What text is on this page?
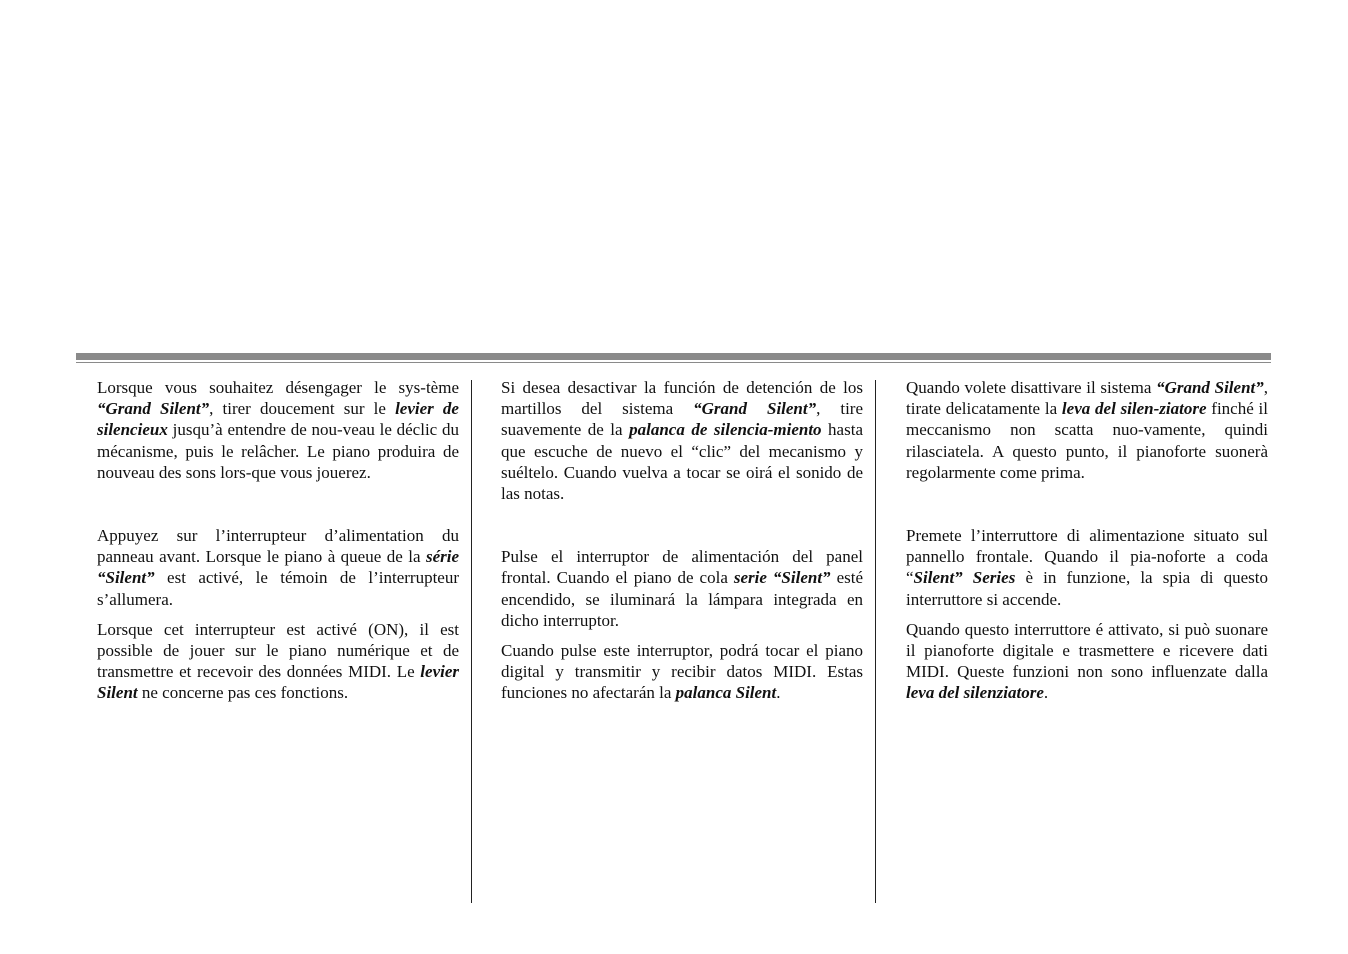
Lorsque vous souhaitez désengager le sys-tème “Grand Silent”, tirer doucement sur le levier de silencieux jusqu’à entendre de nou-veau le déclic du mécanisme, puis le relâcher. Le piano produira de nouveau des sons lors-que vous jouerez.

Appuyez sur l’interrupteur d’alimentation du panneau avant. Lorsque le piano à queue de la série “Silent” est activé, le témoin de l’interrupteur s’allumera.

Lorsque cet interrupteur est activé (ON), il est possible de jouer sur le piano numérique et de transmettre et recevoir des données MIDI. Le levier Silent ne concerne pas ces fonctions.

Si desea desactivar la función de detención de los martillos del sistema “Grand Silent”, tire suavemente de la palanca de silencia-miento hasta que escuche de nuevo el “clic” del mecanismo y suéltelo. Cuando vuelva a tocar se oirá el sonido de las notas.

Pulse el interruptor de alimentación del panel frontal. Cuando el piano de cola serie “Silent” esté encendido, se iluminará la lámpara integrada en dicho interruptor.

Cuando pulse este interruptor, podrá tocar el piano digital y transmitir y recibir datos MIDI. Estas funciones no afectarán la palanca Silent.

Quando volete disattivare il sistema “Grand Silent”, tirate delicatamente la leva del silen-ziatore finché il meccanismo non scatta nuo-vamente, quindi rilasciatela. A questo punto, il pianoforte suonerà regolarmente come prima.

Premete l’interruttore di alimentazione situato sul pannello frontale. Quando il pia-noforte a coda “Silent” Series è in funzione, la spia di questo interruttore si accende.

Quando questo interruttore é attivato, si può suonare il pianoforte digitale e trasmettere e ricevere dati MIDI. Queste funzioni non sono influenzate dalla leva del silenziatore.
